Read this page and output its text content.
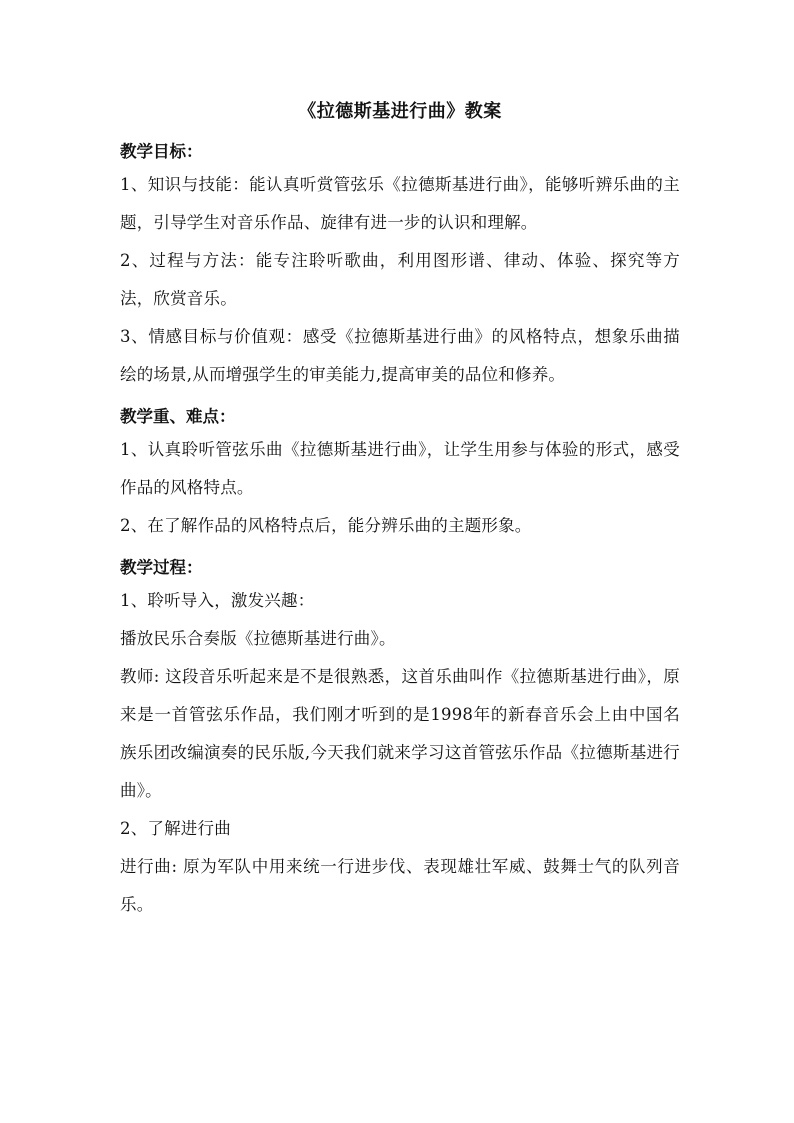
《拉德斯基进行曲》教案
教学目标：

1、知识与技能：能认真听赏管弦乐《拉德斯基进行曲》，能够听辨乐曲的主题，引导学生对音乐作品、旋律有进一步的认识和理解。

2、过程与方法：能专注聆听歌曲，利用图形谱、律动、体验、探究等方法，欣赏音乐。

3、情感目标与价值观：感受《拉德斯基进行曲》的风格特点，想象乐曲描绘的场景,从而增强学生的审美能力,提高审美的品位和修养。

教学重、难点：

1、认真聆听管弦乐曲《拉德斯基进行曲》，让学生用参与体验的形式，感受作品的风格特点。

2、在了解作品的风格特点后，能分辨乐曲的主题形象。

教学过程：

1、聆听导入，激发兴趣：

播放民乐合奏版《拉德斯基进行曲》。

教师: 这段音乐听起来是不是很熟悉，这首乐曲叫作《拉德斯基进行曲》，原来是一首管弦乐作品，我们刚才听到的是1998年的新春音乐会上由中国名族乐团改编演奏的民乐版,今天我们就来学习这首管弦乐作品《拉德斯基进行曲》。

2、了解进行曲

进行曲: 原为军队中用来统一行进步伐、表现雄壮军威、鼓舞士气的队列音乐。
